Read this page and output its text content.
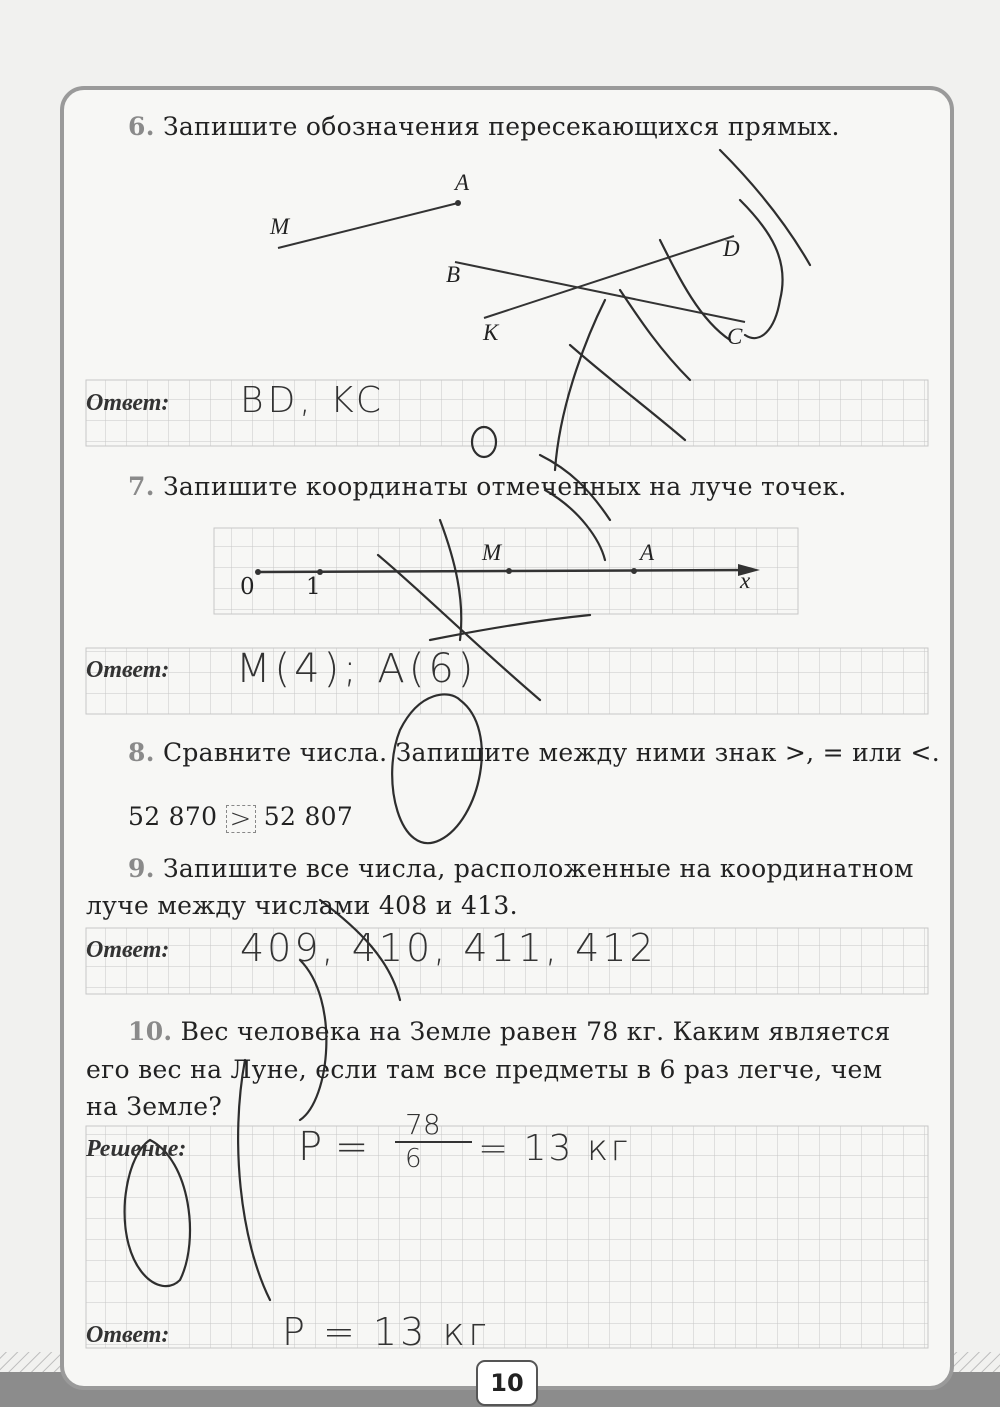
6. Запишите обозначения пересекающихся прямых.
A
M
B
D
K	C
Ответ: BD, KC
7. Запишите координаты отмеченных на луче точек.
M	A
0 1	x
Ответ: M(4); A(6)
8. Сравните числа. Запишите между ними знак >, = или <.
52 870 > 52 807
9. Запишите все числа, расположенные на координатном
луче между числами 408 и 413.
Ответ: 409, 410, 411, 412
10. Вес человека на Земле равен 78 кг. Каким является
его вес на Луне, если там все предметы в 6 раз легче, чем
на Земле?
Решение:	P = 78
6 = 13 кг
Ответ:	P = 13 кг
10
